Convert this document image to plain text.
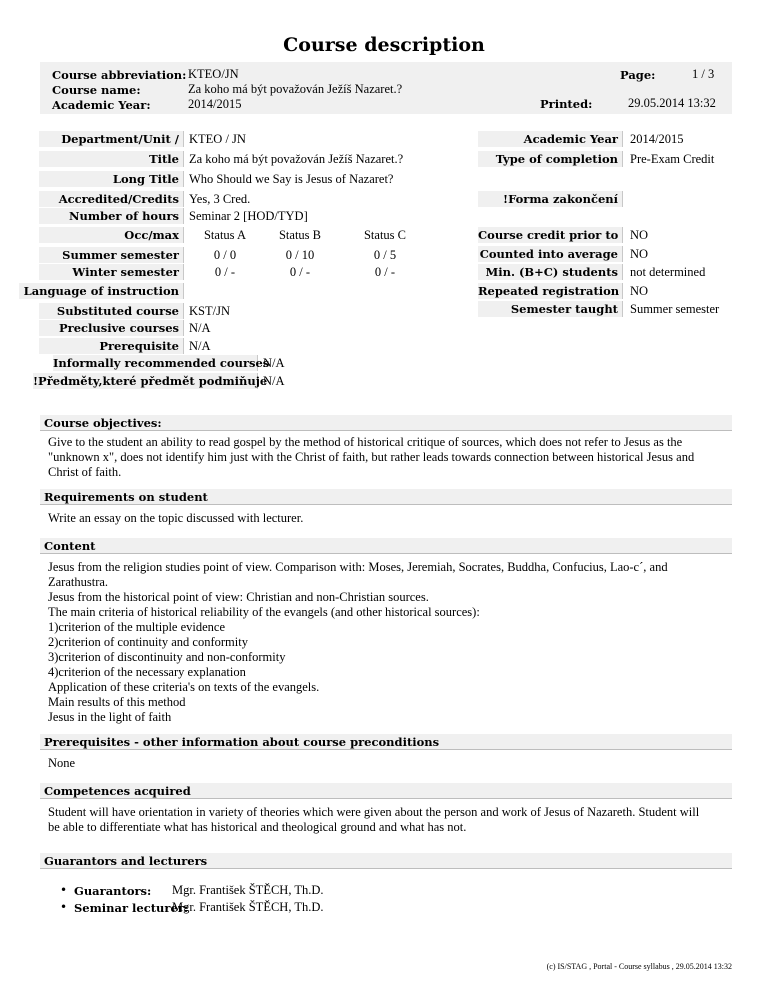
Course description
Course abbreviation: KTEO/JN
Course name:	Za koho má být považován Ježíš Nazaret.?
Academic Year:	2014/2015
Page:	1 / 3
Printed:	29.05.2014 13:32
Department/Unit / KTEO / JN
Title Za koho má být považován Ježíš Nazaret.?
Long Title Who Should we Say is Jesus of Nazaret?
Accredited/Credits Yes, 3 Cred.
Number of hours Seminar 2 [HOD/TYD]
Occ/max	Status A	Status B	Status C
Summer semester	0 / 0	0 / 10	0 / 5
Winter semester	0 / -	0 / -	0 / -
Language of instruction
Substituted course KST/JN
Preclusive courses N/A
Prerequisite N/A
Informally recommended courses
N/A
!Předměty,které předmět podmiňuje
N/A
Academic Year 2014/2015
Type of completion Pre-Exam Credit
!Forma zakončení
Course credit prior to NO
Counted into average NO
Min. (B+C) students not determined
Repeated registration NO
Semester taught Summer semester
Course objectives:
Give to the student an ability to read gospel by the method of historical critique of sources, which does not refer to Jesus as the
"unknown x", does not identify him just with the Christ of faith, but rather leads towards connection between historical Jesus and
Christ of faith.
Requirements on student
Write an essay on the topic discussed with lecturer.
Content
Jesus from the religion studies point of view. Comparison with: Moses, Jeremiah, Socrates, Buddha, Confucius, Lao-c´, and
Zarathustra.
Jesus from the historical point of view: Christian and non-Christian sources.
The main criteria of historical reliability of the evangels (and other historical sources):
1)criterion of the multiple evidence
2)criterion of continuity and conformity
3)criterion of discontinuity and non-conformity
4)criterion of the necessary explanation
Application of these criteria's on texts of the evangels.
Main results of this method
Jesus in the light of faith
Prerequisites - other information about course preconditions
None
Competences acquired
Student will have orientation in variety of theories which were given about the person and work of Jesus of Nazareth. Student will
be able to differentiate what has historical and theological ground and what has not.
Guarantors and lecturers
• Guarantors: Mgr. František ŠTĚCH, Th.D.
• Seminar lecturer:
Mgr. František ŠTĚCH, Th.D.
(c) IS/STAG , Portal - Course syllabus , 29.05.2014 13:32
